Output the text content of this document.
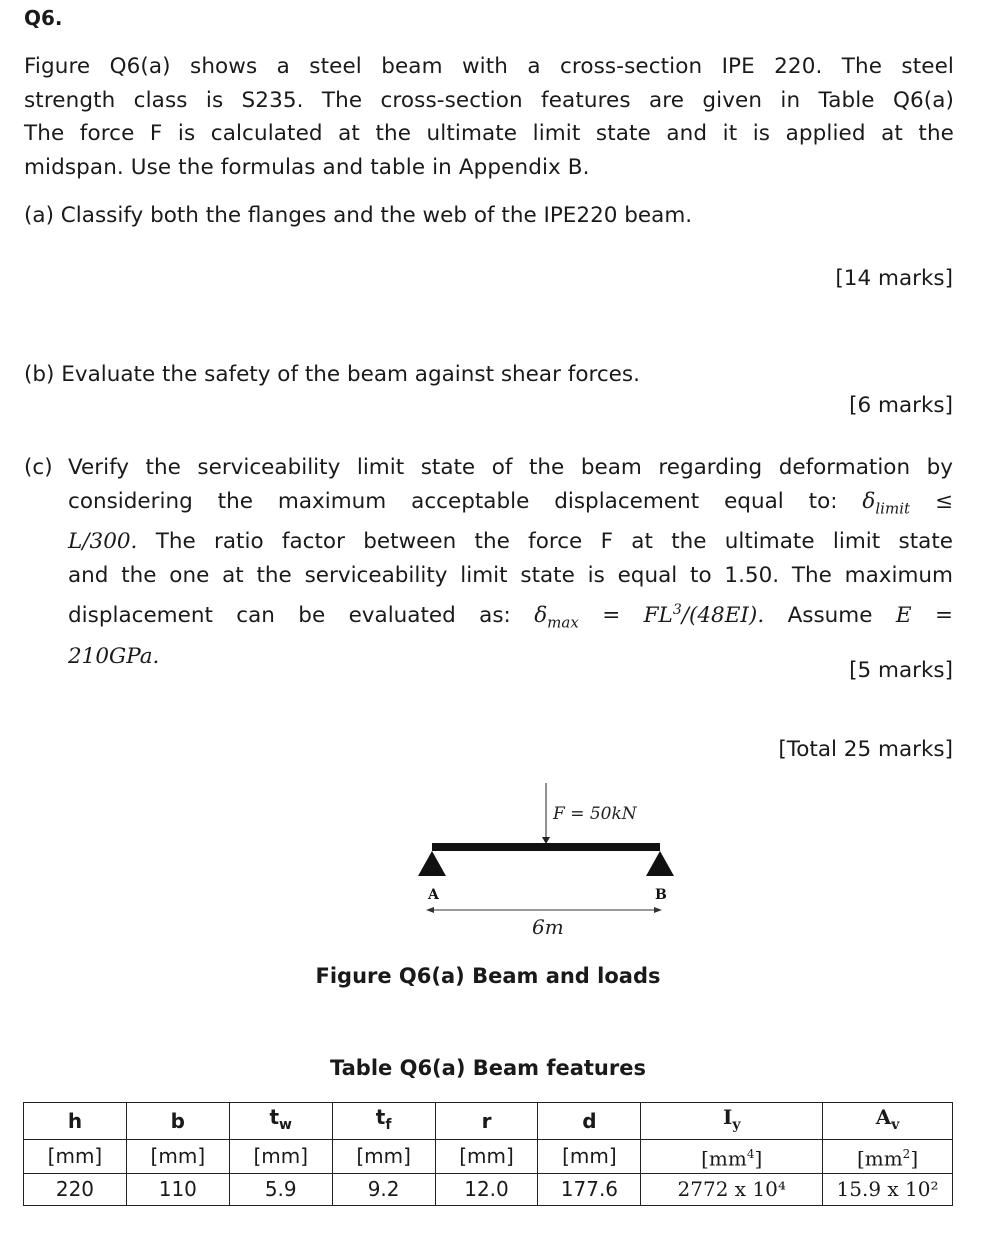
Q6.
Figure Q6(a) shows a steel beam with a cross-section IPE 220. The steel
strength class is S235. The cross-section features are given in Table Q6(a)
The force F is calculated at the ultimate limit state and it is applied at the
midspan. Use the formulas and table in Appendix B.
(a) Classify both the flanges and the web of the IPE220 beam.
[14 marks]
(b) Evaluate the safety of the beam against shear forces.
[6 marks]
(c) Verify the serviceability limit state of the beam regarding deformation by
considering the maximum acceptable displacement equal to: $\delta_{limit}$ ≤
L/300. The ratio factor between the force F at the ultimate limit state
and the one at the serviceability limit state is equal to 1.50. The maximum
displacement can be evaluated as: $\delta_{max} = FL^3/(48EI)$. Assume E =
210GPa.
[5 marks]
[Total 25 marks]
F = 50kN
A	B
6m
Figure Q6(a) Beam and loads
Table Q6(a) Beam features
h	b	$t_w$	$t_f$	r	d	$I_y$	$A_v$
[mm]	[mm]	[mm]	[mm]	[mm]	[mm]	$[mm^4]$	$[mm^2]$
220	110	5.9	9.2	12.0	177.6	2772 x 10⁴	15.9 x 10²
